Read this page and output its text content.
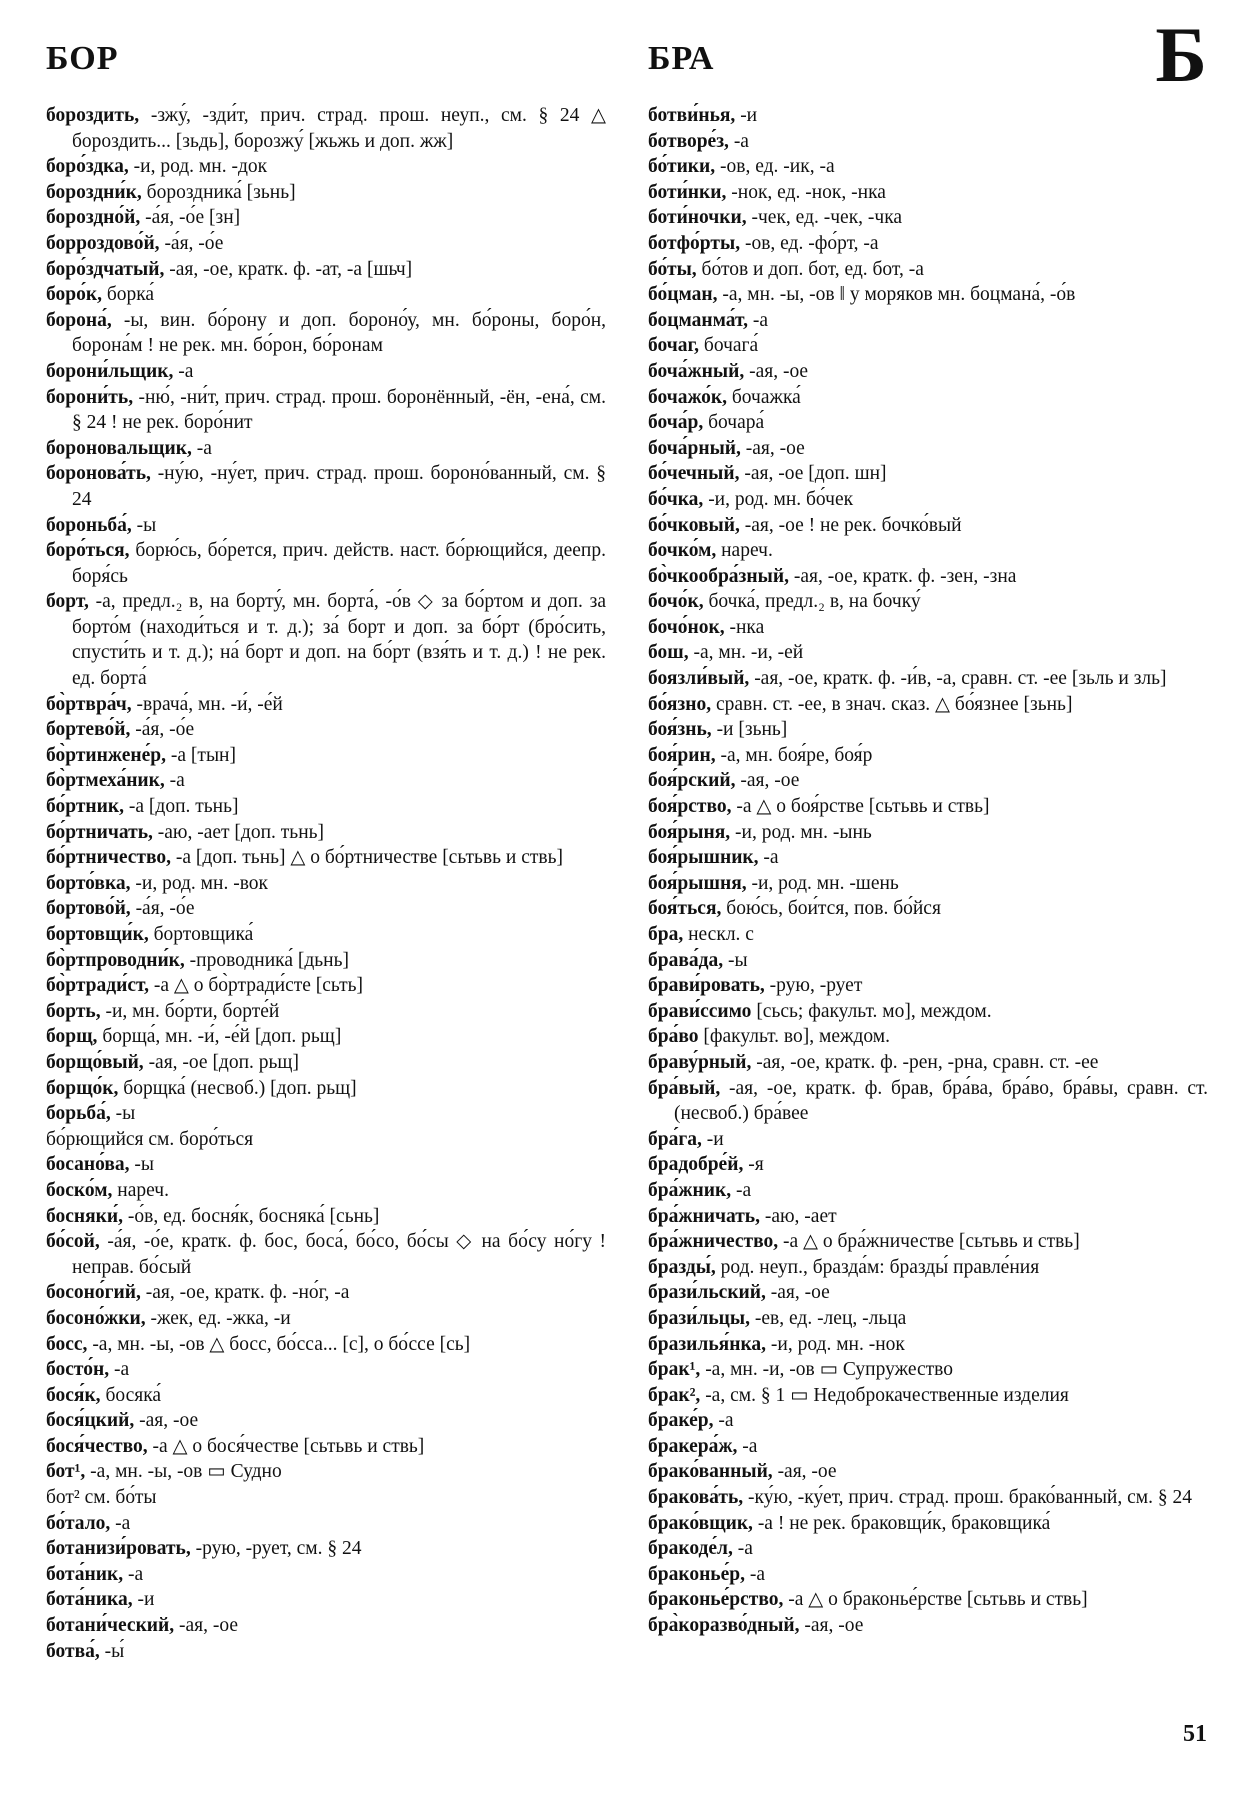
БОР	БРА	Б
бороздить, -зжу́, -зди́т, прич. страд. прош. неуп., см. § 24 △ бороздить... [зьдь], борозжу́ [жьжь и доп. жж]
боро́здка, -и, род. мн. -док
бороздни́к, бороздника́ [зьнь]
бороздно́й, -а́я, -о́е [зн]
борроздово́й, -а́я, -о́е
боро́здчатый, -ая, -ое, кратк. ф. -ат, -а [шьч]
боро́к, борка́
борона́, -ы, вин. бо́рону и доп. бороно́у, мн. бо́роны, боро́н, борона́м ! не рек. мн. бо́рон, бо́ронам
борони́льщик, -а
борони́ть, -ню́, -ни́т, прич. страд. прош. боронённый, -ён, -ена́, см. § 24 ! не рек. боро́нит
бороновальщик, -а
боронова́ть, -ну́ю, -ну́ет, прич. страд. прош. бороно́ванный, см. § 24
бороньба́, -ы
боро́ться, борю́сь, бо́рется, прич. действ. наст. бо́рющийся, деепр. боря́сь
борт, -а, предл.₂ в, на борту́, мн. борта́, -о́в ◇ за бо́ртом и доп. за борто́м (находи́ться и т. д.); за́ борт и доп. за бо́рт (бро́сить, спусти́ть и т. д.); на́ борт и доп. на бо́рт (взя́ть и т. д.) ! не рек. ед. борта́
бо̀ртвра́ч, -врача́, мн. -и́, -е́й
бортево́й, -а́я, -о́е
бо̀ртинжене́р, -а [тын]
бо̀ртмеха́ник, -а
бо́ртник, -а [доп. тьнь]
бо́ртничать, -аю, -ает [доп. тьнь]
бо́ртничество, -а [доп. тьнь] △ о бо́ртничестве [сьтьвь и ствь]
борто́вка, -и, род. мн. -вок
бортово́й, -а́я, -о́е
бортовщи́к, бортовщика́
бо̀ртпроводни́к, -проводника́ [дьнь]
бо̀ртради́ст, -а △ о бо̀ртради́сте [сьть]
борть, -и, мн. бо́рти, борте́й
борщ, борща́, мн. -и́, -е́й [доп. рьщ]
борщо́вый, -ая, -ое [доп. рьщ]
борщо́к, борщка́ (несвоб.) [доп. рьщ]
борьба́, -ы
бо́рющийся см. боро́ться
босано́ва, -ы
боско́м, нареч.
босняки́, -о́в, ед. босня́к, босняка́ [сьнь]
бо́сой, -а́я, -о́е, кратк. ф. бос, боса́, бо́со, бо́сы ◇ на бо́су но́гу ! неправ. бо́сый
босоно́гий, -ая, -ое, кратк. ф. -но́г, -а
босоно́жки, -жек, ед. -жка, -и
босс, -а, мн. -ы, -ов △ босс, бо́сса... [с], о бо́ссе [сь]
босто́н, -а
бося́к, босяка́
бося́цкий, -ая, -ое
бося́чество, -а △ о бося́честве [сьтьвь и ствь]
бот¹, -а, мн. -ы, -ов ▭ Судно
бот² см. бо́ты
бо́тало, -а
ботанизи́ровать, -рую, -рует, см. § 24
бота́ник, -а
бота́ника, -и
ботани́ческий, -ая, -ое
ботва́, -ы́
ботви́нья, -и
ботворе́з, -а
бо́тики, -ов, ед. -ик, -а
боти́нки, -нок, ед. -нок, -нка
боти́ночки, -чек, ед. -чек, -чка
ботфо́рты, -ов, ед. -фо́рт, -а
бо́ты, бо́тов и доп. бот, ед. бот, -а
бо́цман, -а, мн. -ы, -ов ‖ у моряков мн. боцмана́, -о́в
боцманма́т, -а
бочаг, бочага́
боча́жный, -ая, -ое
бочажо́к, бочажка́
боча́р, бочара́
боча́рный, -ая, -ое
бо́чечный, -ая, -ое [доп. шн]
бо́чка, -и, род. мн. бо́чек
бо́чковый, -ая, -ое ! не рек. бочко́вый
бочко́м, нареч.
бо̀чкообра́зный, -ая, -ое, кратк. ф. -зен, -зна
бочо́к, бочка́, предл.₂ в, на бочку́
бочо́нок, -нка
бош, -а, мн. -и, -ей
боязли́вый, -ая, -ое, кратк. ф. -и́в, -а, сравн. ст. -ее [зьль и зль]
бо́язно, сравн. ст. -ее, в знач. сказ. △ бо́язнее [зьнь]
боя́знь, -и [зьнь]
боя́рин, -а, мн. боя́ре, боя́р
боя́рский, -ая, -ое
боя́рство, -а △ о боя́рстве [сьтьвь и ствь]
боя́рыня, -и, род. мн. -ынь
боя́рышник, -а
боя́рышня, -и, род. мн. -шень
боя́ться, бою́сь, бои́тся, пов. бо́йся
бра, нескл. с
брава́да, -ы
брави́ровать, -рую, -рует
брави́ссимо [сьсь; факульт. мо], междом.
бра́во [факульт. во], междом.
браву́рный, -ая, -ое, кратк. ф. -рен, -рна, сравн. ст. -ее
бра́вый, -ая, -ое, кратк. ф. брав, бра́ва, бра́во, бра́вы, сравн. ст. (несвоб.) бра́вее
бра́га, -и
брадобре́й, -я
бра́жник, -а
бра́жничать, -аю, -ает
бра́жничество, -а △ о бра́жничестве [сьтьвь и ствь]
бразды́, род. неуп., бразда́м: бразды́ правле́ния
брази́льский, -ая, -ое
брази́льцы, -ев, ед. -лец, -льца
бразилья́нка, -и, род. мн. -нок
брак¹, -а, мн. -и, -ов ▭ Супружество
брак², -а, см. § 1 ▭ Недоброкачественные изделия
браке́р, -а
бракера́ж, -а
брако́ванный, -ая, -ое
бракова́ть, -ку́ю, -ку́ет, прич. страд. прош. брако́ванный, см. § 24
брако́вщик, -а ! не рек. браковщи́к, браковщика́
бракоде́л, -а
браконье́р, -а
браконье́рство, -а △ о браконье́рстве [сьтьвь и ствь]
бра̀коразво́дный, -ая, -ое
51
